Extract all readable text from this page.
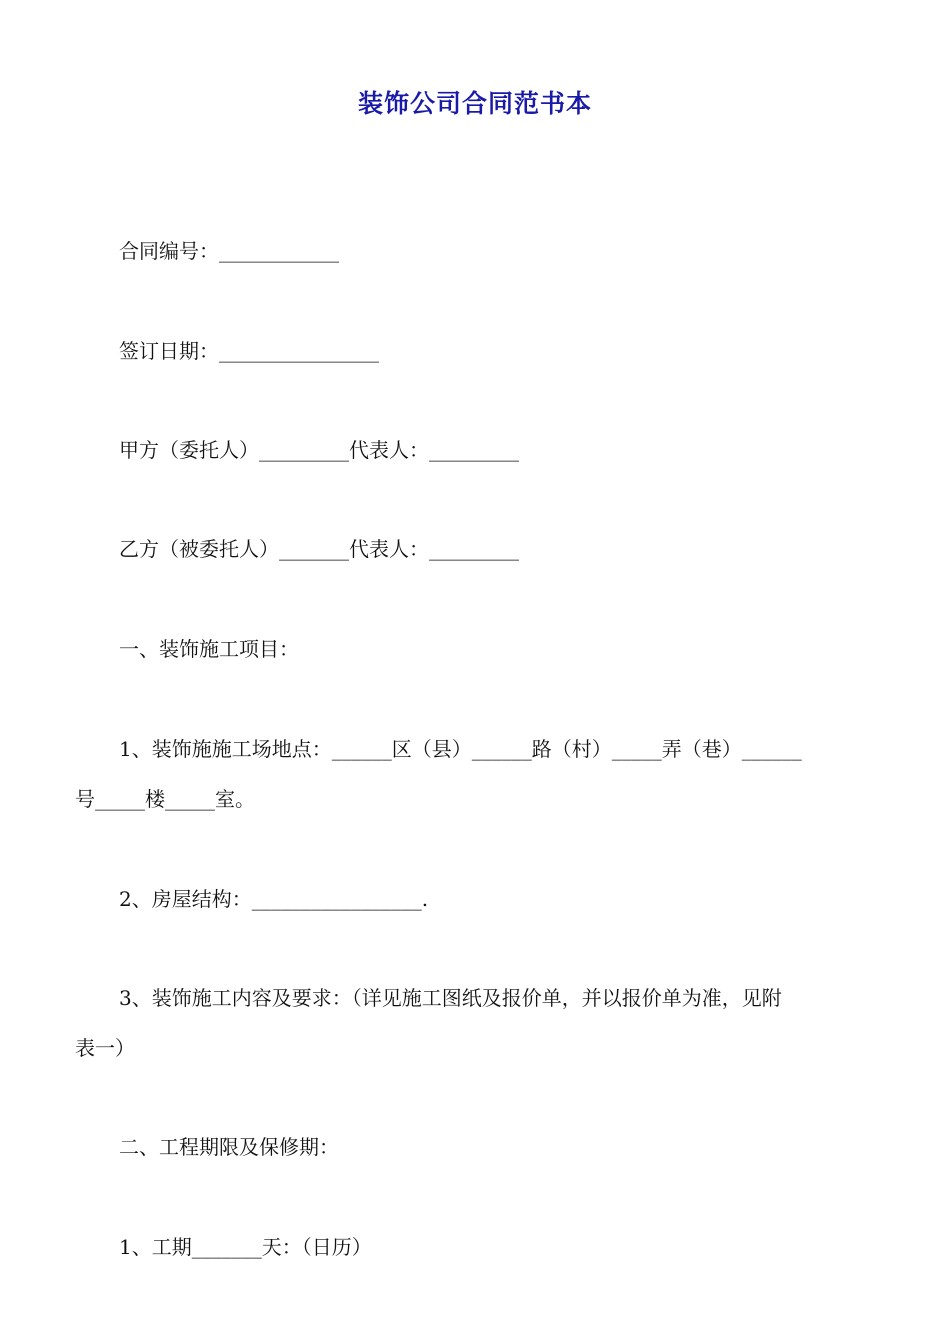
装饰公司合同范书本
合同编号：____________
签订日期：________________
甲方（委托人）_________代表人：_________
乙方（被委托人）_______代表人：_________
一、装饰施工项目：
1、装饰施施工场地点：______区（县）______路（村）_____弄（巷）______
号_____楼_____室。
2、房屋结构：_________________.
3、装饰施工内容及要求：（详见施工图纸及报价单，并以报价单为准，见附
表一）
二、工程期限及保修期：
1、工期_______天：（日历）
